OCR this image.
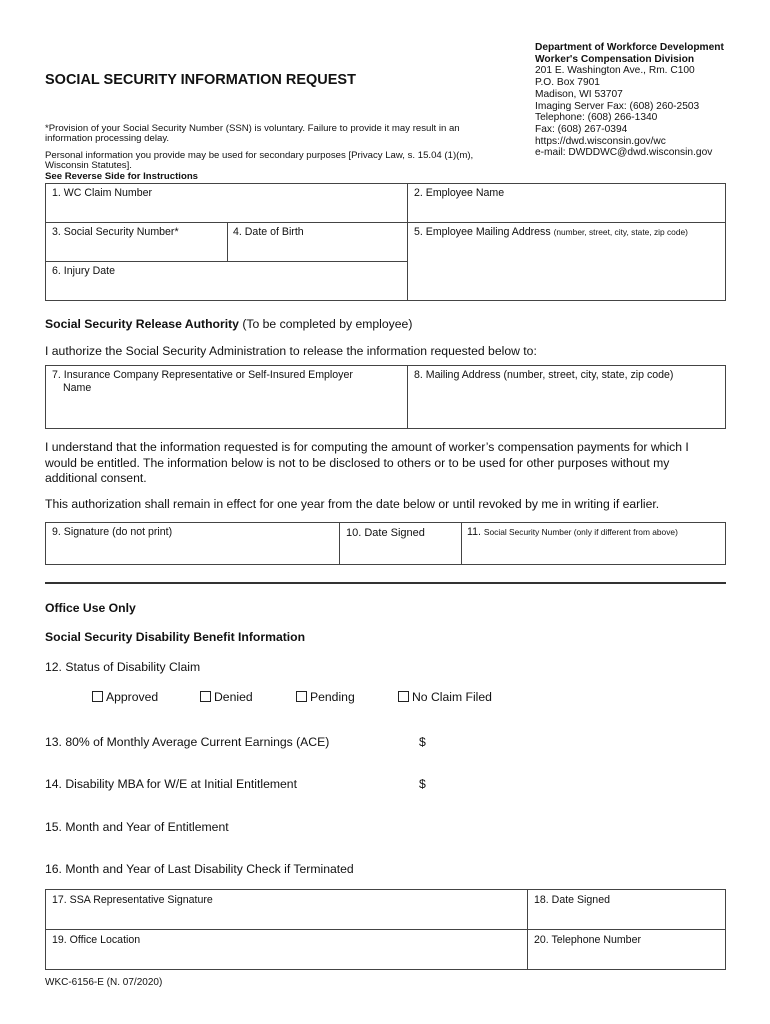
SOCIAL SECURITY INFORMATION REQUEST
Department of Workforce Development
Worker's Compensation Division
201 E. Washington Ave., Rm. C100
P.O. Box 7901
Madison, WI 53707
Imaging Server Fax: (608) 260-2503
Telephone: (608) 266-1340
Fax: (608) 267-0394
https://dwd.wisconsin.gov/wc
e-mail: DWDDWC@dwd.wisconsin.gov
*Provision of your Social Security Number (SSN) is voluntary. Failure to provide it may result in an
information processing delay.
Personal information you provide may be used for secondary purposes [Privacy Law, s. 15.04 (1)(m),
Wisconsin Statutes].
See Reverse Side for Instructions
1. WC Claim Number	2. Employee Name
3. Social Security Number*	4. Date of Birth	5. Employee Mailing Address (number, street, city, state, zip code)
6. Injury Date
Social Security Release Authority (To be completed by employee)
I authorize the Social Security Administration to release the information requested below to:
7. Insurance Company Representative or Self-Insured Employer
Name
8. Mailing Address (number, street, city, state, zip code)
I understand that the information requested is for computing the amount of worker’s compensation payments for which I
would be entitled. The information below is not to be disclosed to others or to be used for other purposes without my
additional consent.
This authorization shall remain in effect for one year from the date below or until revoked by me in writing if earlier.
9. Signature (do not print)	10. Date Signed	11. Social Security Number (only if different from above)
Office Use Only
Social Security Disability Benefit Information
12. Status of Disability Claim
Approved	Denied	Pending	No Claim Filed
13. 80% of Monthly Average Current Earnings (ACE)	$
14. Disability MBA for W/E at Initial Entitlement	$
15. Month and Year of Entitlement
16. Month and Year of Last Disability Check if Terminated
17. SSA Representative Signature	18. Date Signed
19. Office Location	20. Telephone Number
WKC-6156-E (N. 07/2020)
